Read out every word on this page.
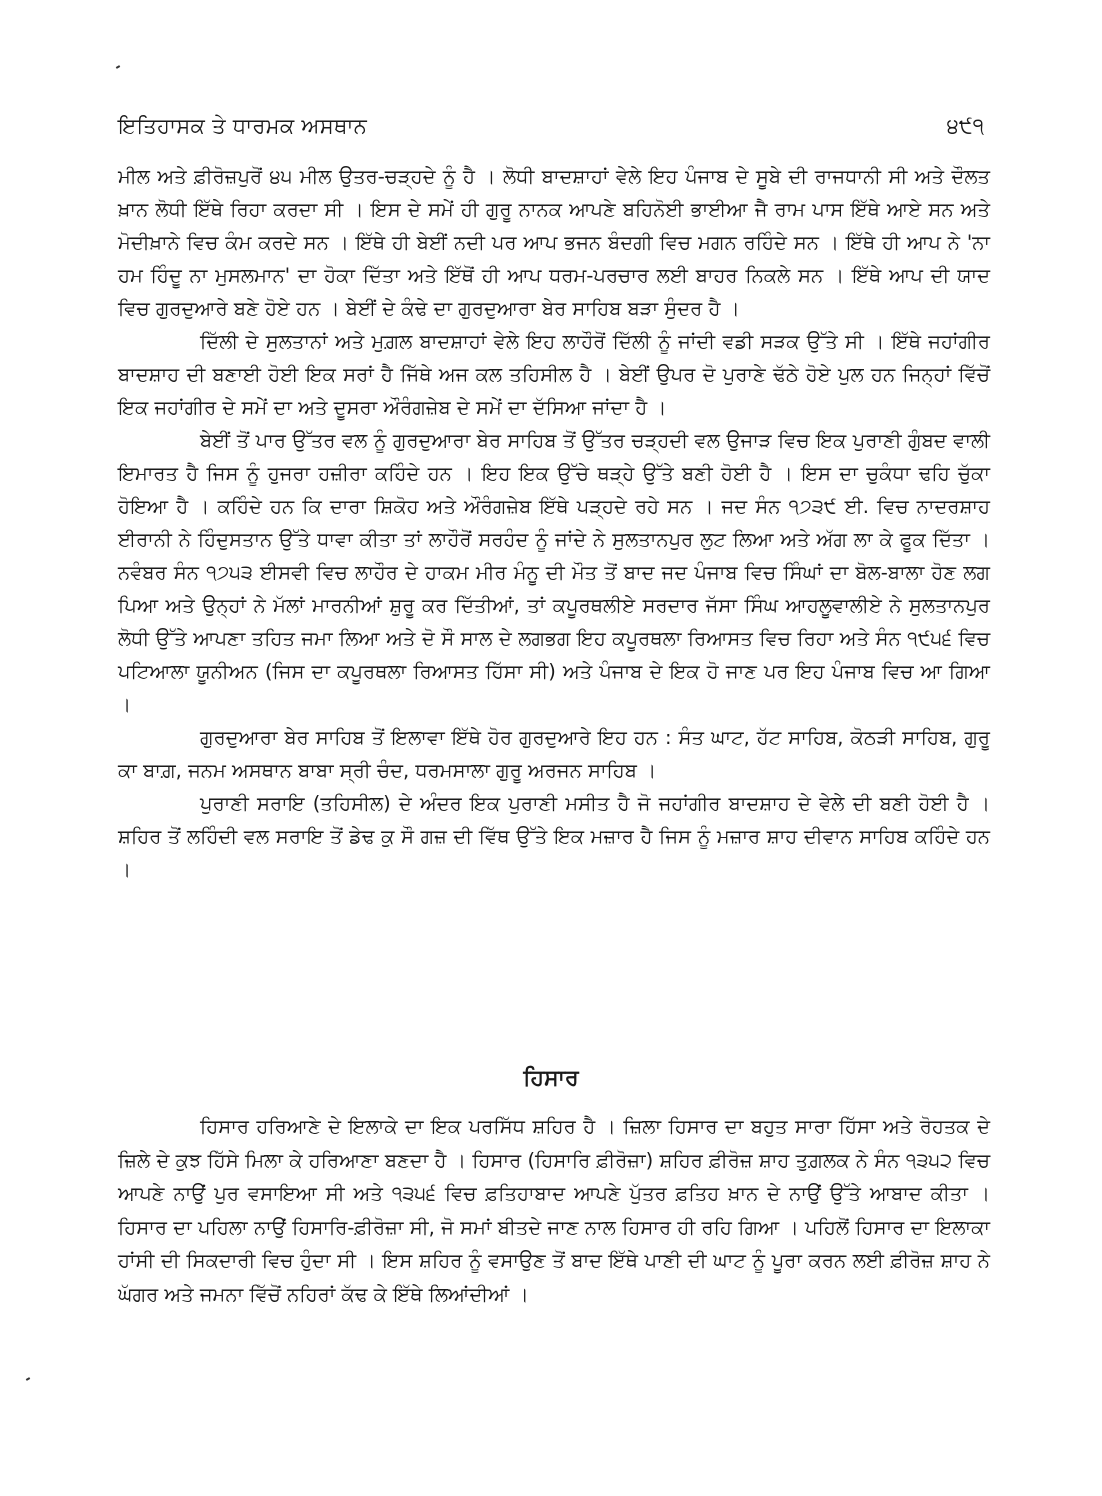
ਇਤਿਹਾਸਕ ਤੇ ਧਾਰਮਕ ਅਸਥਾਨ	੪੯੧

ਮੀਲ ਅਤੇ ਫ਼ੀਰੋਜ਼ਪੁਰੋਂ ੪੫ ਮੀਲ ਉਤਰ-ਚੜ੍ਹਦੇ ਨੂੰ ਹੈ । ਲੋਧੀ ਬਾਦਸ਼ਾਹਾਂ ਵੇਲੇ ਇਹ ਪੰਜਾਬ ਦੇ ਸੂਬੇ ਦੀ ਰਾਜਧਾਨੀ ਸੀ ਅਤੇ ਦੌਲਤ ਖ਼ਾਨ ਲੋਧੀ ਇੱਥੇ ਰਿਹਾ ਕਰਦਾ ਸੀ । ਇਸ ਦੇ ਸਮੇਂ ਹੀ ਗੁਰੂ ਨਾਨਕ ਆਪਣੇ ਬਹਿਨੋਈ ਭਾਈਆ ਜੈ ਰਾਮ ਪਾਸ ਇੱਥੇ ਆਏ ਸਨ ਅਤੇ ਮੋਦੀਖ਼ਾਨੇ ਵਿਚ ਕੰਮ ਕਰਦੇ ਸਨ । ਇੱਥੇ ਹੀ ਬੇਈਂ ਨਦੀ ਪਰ ਆਪ ਭਜਨ ਬੰਦਗੀ ਵਿਚ ਮਗਨ ਰਹਿੰਦੇ ਸਨ । ਇੱਥੇ ਹੀ ਆਪ ਨੇ 'ਨਾ ਹਮ ਹਿੰਦੂ ਨਾ ਮੁਸਲਮਾਨ' ਦਾ ਹੋਕਾ ਦਿੱਤਾ ਅਤੇ ਇੱਥੋਂ ਹੀ ਆਪ ਧਰਮ-ਪਰਚਾਰ ਲਈ ਬਾਹਰ ਨਿਕਲੇ ਸਨ । ਇੱਥੇ ਆਪ ਦੀ ਯਾਦ ਵਿਚ ਗੁਰਦੁਆਰੇ ਬਣੇ ਹੋਏ ਹਨ । ਬੇਈਂ ਦੇ ਕੰਢੇ ਦਾ ਗੁਰਦੁਆਰਾ ਬੇਰ ਸਾਹਿਬ ਬੜਾ ਸੁੰਦਰ ਹੈ ।

ਦਿੱਲੀ ਦੇ ਸੁਲਤਾਨਾਂ ਅਤੇ ਮੁਗ਼ਲ ਬਾਦਸ਼ਾਹਾਂ ਵੇਲੇ ਇਹ ਲਾਹੌਰੋਂ ਦਿੱਲੀ ਨੂੰ ਜਾਂਦੀ ਵਡੀ ਸੜਕ ਉੱਤੇ ਸੀ । ਇੱਥੇ ਜਹਾਂਗੀਰ ਬਾਦਸ਼ਾਹ ਦੀ ਬਣਾਈ ਹੋਈ ਇਕ ਸਰਾਂ ਹੈ ਜਿੱਥੇ ਅਜ ਕਲ ਤਹਿਸੀਲ ਹੈ । ਬੇਈਂ ਉਪਰ ਦੋ ਪੁਰਾਣੇ ਢੱਠੇ ਹੋਏ ਪੁਲ ਹਨ ਜਿਨ੍ਹਾਂ ਵਿੱਚੋਂ ਇਕ ਜਹਾਂਗੀਰ ਦੇ ਸਮੇਂ ਦਾ ਅਤੇ ਦੂਸਰਾ ਔਰੰਗਜ਼ੇਬ ਦੇ ਸਮੇਂ ਦਾ ਦੱਸਿਆ ਜਾਂਦਾ ਹੈ ।

ਬੇਈਂ ਤੋਂ ਪਾਰ ਉੱਤਰ ਵਲ ਨੂੰ ਗੁਰਦੁਆਰਾ ਬੇਰ ਸਾਹਿਬ ਤੋਂ ਉੱਤਰ ਚੜ੍ਹਦੀ ਵਲ ਉਜਾੜ ਵਿਚ ਇਕ ਪੁਰਾਣੀ ਗੁੰਬਦ ਵਾਲੀ ਇਮਾਰਤ ਹੈ ਜਿਸ ਨੂੰ ਹੁਜਰਾ ਹਜ਼ੀਰਾ ਕਹਿੰਦੇ ਹਨ । ਇਹ ਇਕ ਉੱਚੇ ਥੜ੍ਹੇ ਉੱਤੇ ਬਣੀ ਹੋਈ ਹੈ । ਇਸ ਦਾ ਚੁਕੰਧਾ ਢਹਿ ਚੁੱਕਾ ਹੋਇਆ ਹੈ । ਕਹਿੰਦੇ ਹਨ ਕਿ ਦਾਰਾ ਸ਼ਿਕੋਹ ਅਤੇ ਔਰੰਗਜ਼ੇਬ ਇੱਥੇ ਪੜ੍ਹਦੇ ਰਹੇ ਸਨ । ਜਦ ਸੰਨ ੧੭੩੯ ਈ. ਵਿਚ ਨਾਦਰਸ਼ਾਹ ਈਰਾਨੀ ਨੇ ਹਿੰਦੁਸਤਾਨ ਉੱਤੇ ਧਾਵਾ ਕੀਤਾ ਤਾਂ ਲਾਹੌਰੋਂ ਸਰਹੰਦ ਨੂੰ ਜਾਂਦੇ ਨੇ ਸੁਲਤਾਨਪੁਰ ਲੁਟ ਲਿਆ ਅਤੇ ਅੱਗ ਲਾ ਕੇ ਫੂਕ ਦਿੱਤਾ । ਨਵੰਬਰ ਸੰਨ ੧੭੫੩ ਈਸਵੀ ਵਿਚ ਲਾਹੌਰ ਦੇ ਹਾਕਮ ਮੀਰ ਮੰਨੂ ਦੀ ਮੌਤ ਤੋਂ ਬਾਦ ਜਦ ਪੰਜਾਬ ਵਿਚ ਸਿੰਘਾਂ ਦਾ ਬੋਲ-ਬਾਲਾ ਹੋਣ ਲਗ ਪਿਆ ਅਤੇ ਉਨ੍ਹਾਂ ਨੇ ਮੱਲਾਂ ਮਾਰਨੀਆਂ ਸ਼ੁਰੂ ਕਰ ਦਿੱਤੀਆਂ, ਤਾਂ ਕਪੂਰਥਲੀਏ ਸਰਦਾਰ ਜੱਸਾ ਸਿੰਘ ਆਹਲੂਵਾਲੀਏ ਨੇ ਸੁਲਤਾਨਪੁਰ ਲੋਧੀ ਉੱਤੇ ਆਪਣਾ ਤਹਿਤ ਜਮਾ ਲਿਆ ਅਤੇ ਦੋ ਸੌ ਸਾਲ ਦੇ ਲਗਭਗ ਇਹ ਕਪੂਰਥਲਾ ਰਿਆਸਤ ਵਿਚ ਰਿਹਾ ਅਤੇ ਸੰਨ ੧੯੫੬ ਵਿਚ ਪਟਿਆਲਾ ਯੂਨੀਅਨ (ਜਿਸ ਦਾ ਕਪੂਰਥਲਾ ਰਿਆਸਤ ਹਿੱਸਾ ਸੀ) ਅਤੇ ਪੰਜਾਬ ਦੇ ਇਕ ਹੋ ਜਾਣ ਪਰ ਇਹ ਪੰਜਾਬ ਵਿਚ ਆ ਗਿਆ ।

ਗੁਰਦੁਆਰਾ ਬੇਰ ਸਾਹਿਬ ਤੋਂ ਇਲਾਵਾ ਇੱਥੇ ਹੋਰ ਗੁਰਦੁਆਰੇ ਇਹ ਹਨ : ਸੰਤ ਘਾਟ, ਹੱਟ ਸਾਹਿਬ, ਕੋਠੜੀ ਸਾਹਿਬ, ਗੁਰੂ ਕਾ ਬਾਗ਼, ਜਨਮ ਅਸਥਾਨ ਬਾਬਾ ਸ੍ਰੀ ਚੰਦ, ਧਰਮਸਾਲਾ ਗੁਰੂ ਅਰਜਨ ਸਾਹਿਬ ।

ਪੁਰਾਣੀ ਸਰਾਇ (ਤਹਿਸੀਲ) ਦੇ ਅੰਦਰ ਇਕ ਪੁਰਾਣੀ ਮਸੀਤ ਹੈ ਜੋ ਜਹਾਂਗੀਰ ਬਾਦਸ਼ਾਹ ਦੇ ਵੇਲੇ ਦੀ ਬਣੀ ਹੋਈ ਹੈ । ਸ਼ਹਿਰ ਤੋਂ ਲਹਿੰਦੀ ਵਲ ਸਰਾਇ ਤੋਂ ਡੇਢ ਕੁ ਸੌ ਗਜ਼ ਦੀ ਵਿੱਥ ਉੱਤੇ ਇਕ ਮਜ਼ਾਰ ਹੈ ਜਿਸ ਨੂੰ ਮਜ਼ਾਰ ਸ਼ਾਹ ਦੀਵਾਨ ਸਾਹਿਬ ਕਹਿੰਦੇ ਹਨ ।

ਹਿਸਾਰ

ਹਿਸਾਰ ਹਰਿਆਣੇ ਦੇ ਇਲਾਕੇ ਦਾ ਇਕ ਪਰਸਿੱਧ ਸ਼ਹਿਰ ਹੈ । ਜ਼ਿਲਾ ਹਿਸਾਰ ਦਾ ਬਹੁਤ ਸਾਰਾ ਹਿੱਸਾ ਅਤੇ ਰੋਹਤਕ ਦੇ ਜ਼ਿਲੇ ਦੇ ਕੁਝ ਹਿੱਸੇ ਮਿਲਾ ਕੇ ਹਰਿਆਣਾ ਬਣਦਾ ਹੈ । ਹਿਸਾਰ (ਹਿਸਾਰਿ ਫ਼ੀਰੋਜ਼ਾ) ਸ਼ਹਿਰ ਫ਼ੀਰੋਜ਼ ਸ਼ਾਹ ਤੁਗ਼ਲਕ ਨੇ ਸੰਨ ੧੩੫੨ ਵਿਚ ਆਪਣੇ ਨਾਉਂ ਪੁਰ ਵਸਾਇਆ ਸੀ ਅਤੇ ੧੩੫੬ ਵਿਚ ਫ਼ਤਿਹਾਬਾਦ ਆਪਣੇ ਪੁੱਤਰ ਫ਼ਤਿਹ ਖ਼ਾਨ ਦੇ ਨਾਉਂ ਉੱਤੇ ਆਬਾਦ ਕੀਤਾ । ਹਿਸਾਰ ਦਾ ਪਹਿਲਾ ਨਾਉਂ ਹਿਸਾਰਿ-ਫ਼ੀਰੋਜ਼ਾ ਸੀ, ਜੋ ਸਮਾਂ ਬੀਤਦੇ ਜਾਣ ਨਾਲ ਹਿਸਾਰ ਹੀ ਰਹਿ ਗਿਆ । ਪਹਿਲੋਂ ਹਿਸਾਰ ਦਾ ਇਲਾਕਾ ਹਾਂਸੀ ਦੀ ਸਿਕਦਾਰੀ ਵਿਚ ਹੁੰਦਾ ਸੀ । ਇਸ ਸ਼ਹਿਰ ਨੂੰ ਵਸਾਉਣ ਤੋਂ ਬਾਦ ਇੱਥੇ ਪਾਣੀ ਦੀ ਘਾਟ ਨੂੰ ਪੂਰਾ ਕਰਨ ਲਈ ਫ਼ੀਰੋਜ਼ ਸ਼ਾਹ ਨੇ ਘੱਗਰ ਅਤੇ ਜਮਨਾ ਵਿੱਚੋਂ ਨਹਿਰਾਂ ਕੱਢ ਕੇ ਇੱਥੇ ਲਿਆਂਦੀਆਂ ।
